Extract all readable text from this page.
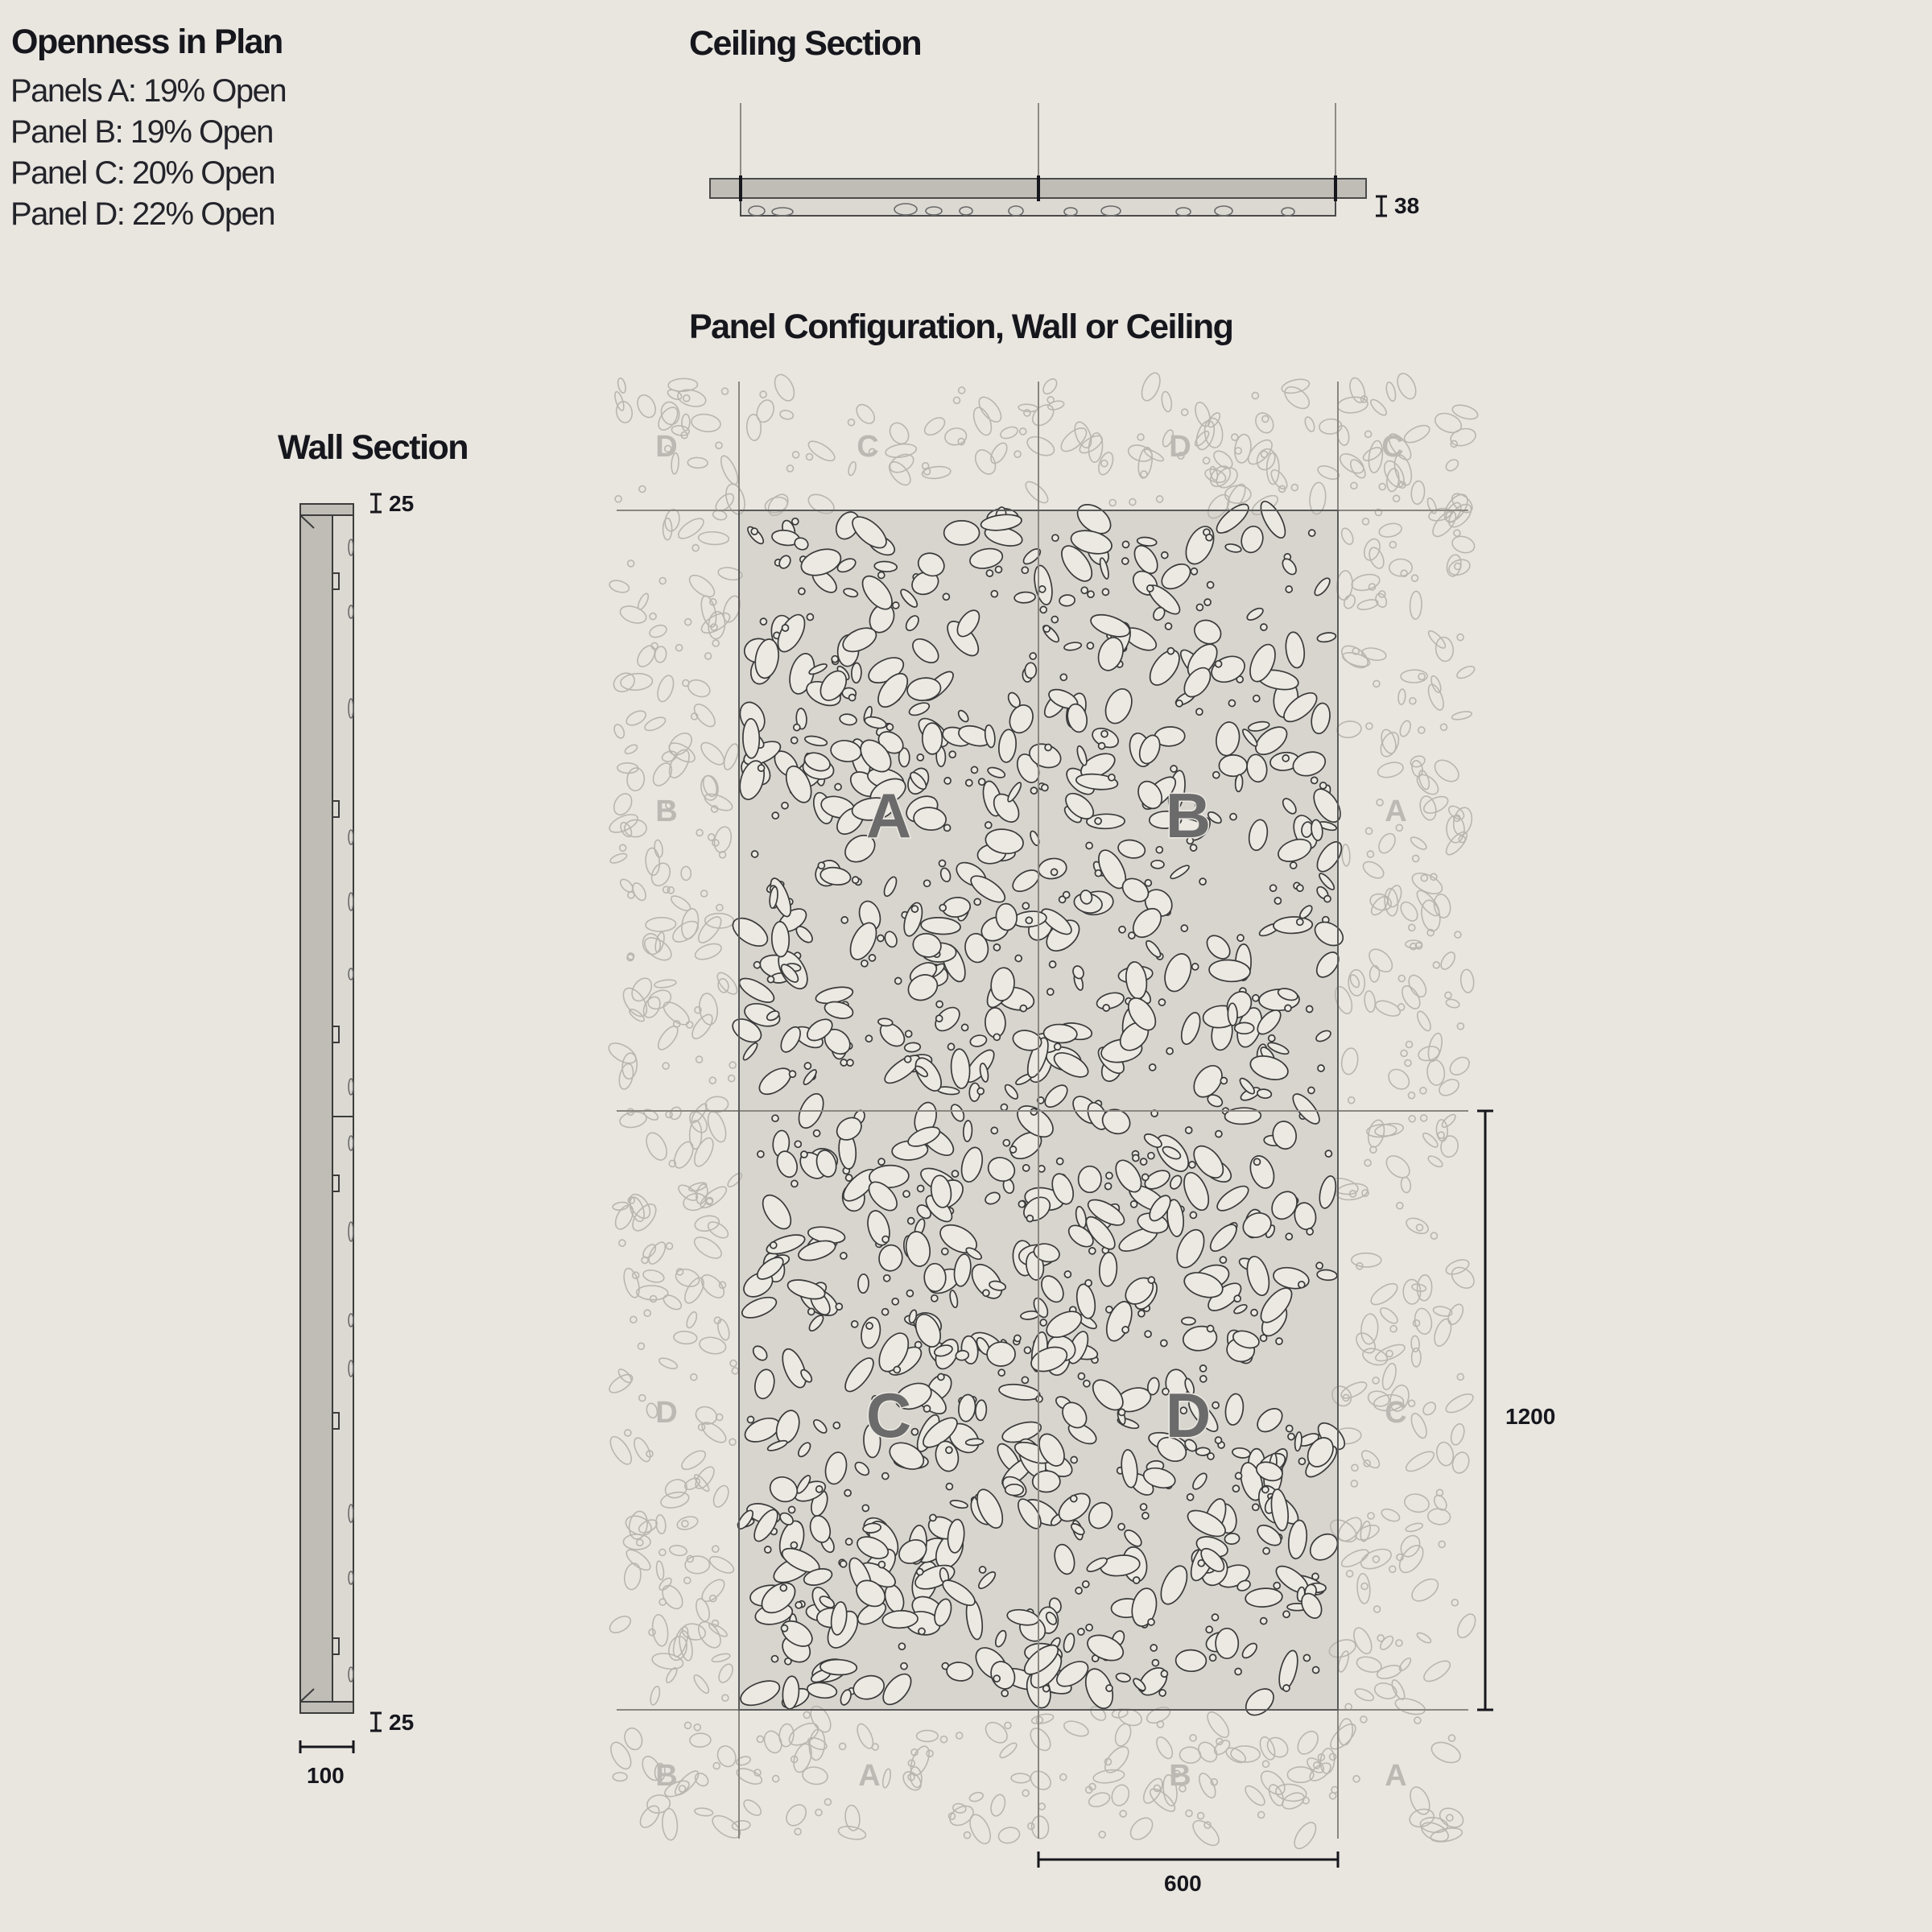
Openness in Plan
Panels A: 19% Open
Panel B: 19% Open
Panel C: 20% Open
Panel D: 22% Open
Ceiling Section
38
Panel Configuration, Wall or Ceiling
Wall Section
25
25
100
A	B
C	D
D	C	D	C
B
D
A
C
B	A	B	A
1200
600
